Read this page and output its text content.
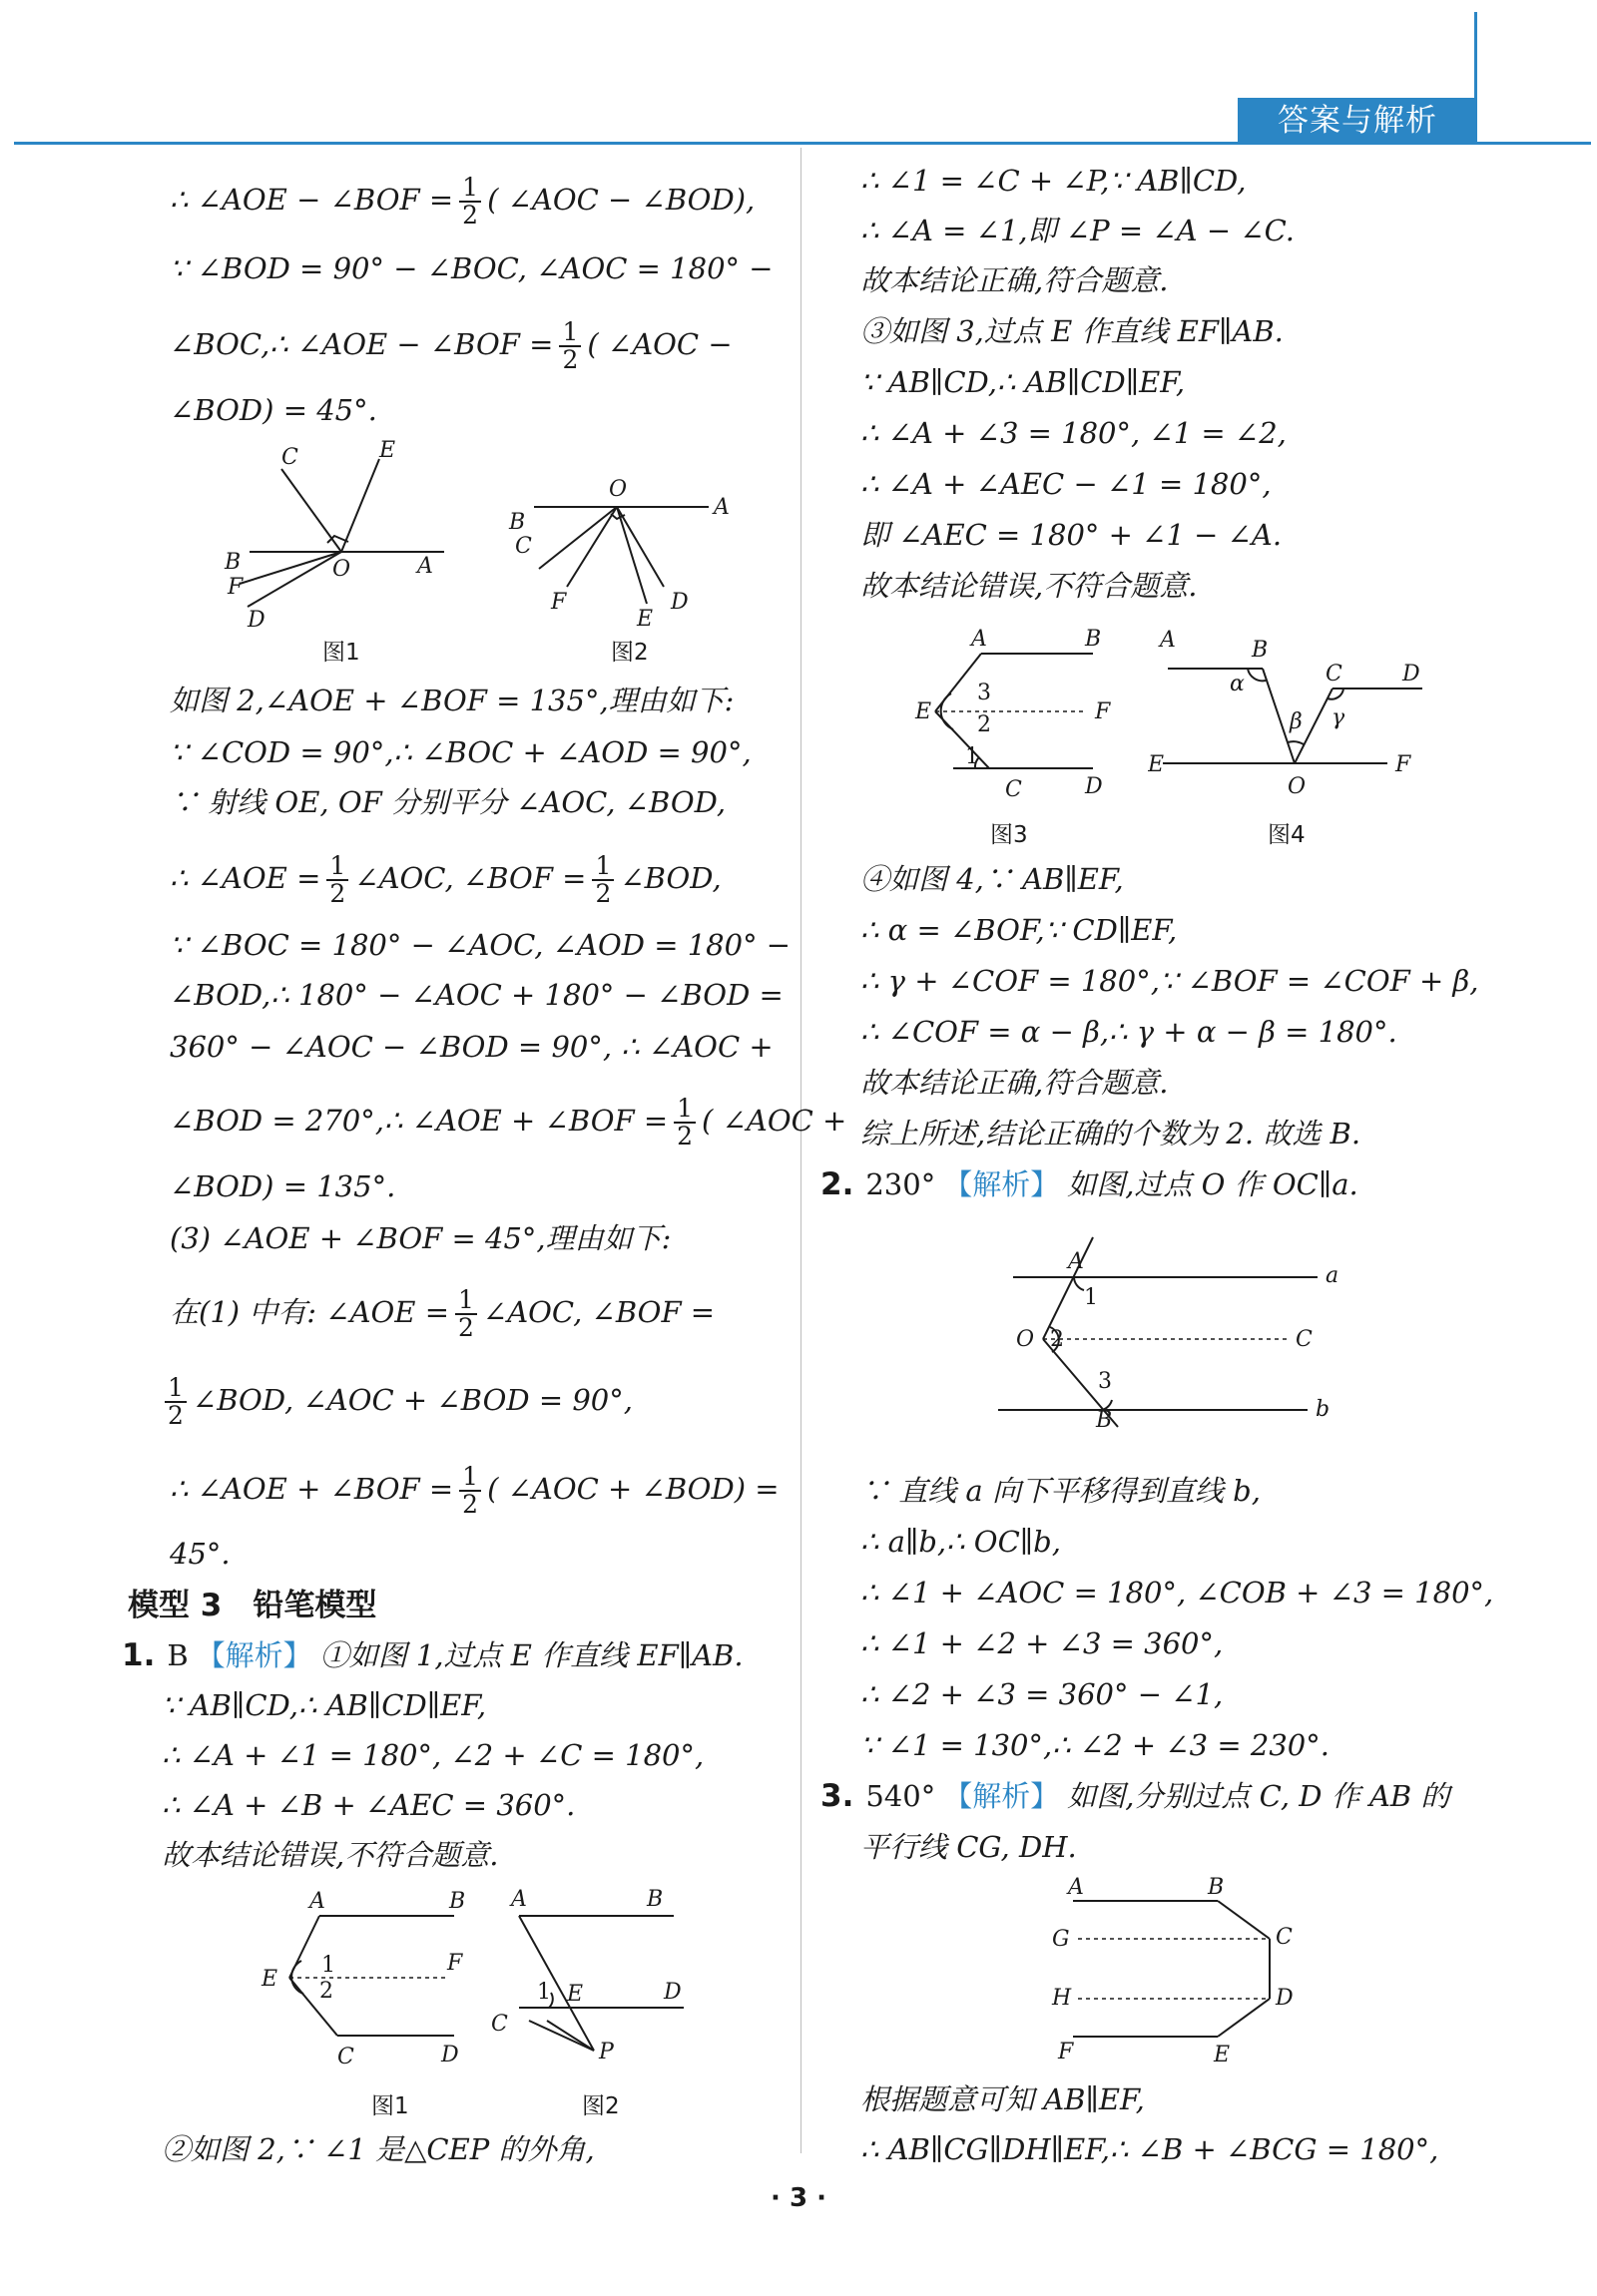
答案与解析
∴ ∠AOE − ∠BOF = $\frac{1}{2}$ ( ∠AOC − ∠BOD),
∵ ∠BOD = 90° − ∠BOC, ∠AOC = 180° −
∠BOC,∴ ∠AOE − ∠BOF = $\frac{1}{2}$ ( ∠AOC −
∠BOD) = 45°.
C	E
B
F
D
O	A
图1
O
A
B
C
F
E
D
图2
如图 2,∠AOE + ∠BOF = 135°,理由如下:
∵ ∠COD = 90°,∴ ∠BOC + ∠AOD = 90°,
∵ 射线 OE, OF 分别平分 ∠AOC, ∠BOD,
∴ ∠AOE = $\frac{1}{2}$ ∠AOC, ∠BOF = $\frac{1}{2}$ ∠BOD,
∵ ∠BOC = 180° − ∠AOC, ∠AOD = 180° −
∠BOD,∴ 180° − ∠AOC + 180° − ∠BOD =
360° − ∠AOC − ∠BOD = 90°, ∴ ∠AOC +
∠BOD = 270°,∴ ∠AOE + ∠BOF = $\frac{1}{2}$ ( ∠AOC +
∠BOD) = 135°.
(3) ∠AOE + ∠BOF = 45°,理由如下:
在(1) 中有: ∠AOE = $\frac{1}{2}$ ∠AOC, ∠BOF =
$\frac{1}{2}$ ∠BOD, ∠AOC + ∠BOD = 90°,
∴ ∠AOE + ∠BOF = $\frac{1}{2}$ ( ∠AOC + ∠BOD) =
45°.
模型 3　铅笔模型
1. B 【解析】 ①如图 1,过点 E 作直线 EF∥AB.
∵ AB∥CD,∴ AB∥CD∥EF,
∴ ∠A + ∠1 = 180°, ∠2 + ∠C = 180°,
∴ ∠A + ∠B + ∠AEC = 360°.
故本结论错误,不符合题意.
A	B
F
E
1
2
C	D
图1
A	B
C
1 E	D
P
图2
②如图 2,∵ ∠1 是△CEP 的外角,
∴ ∠1 = ∠C + ∠P,∵ AB∥CD,
∴ ∠A = ∠1,即 ∠P = ∠A − ∠C.
故本结论正确,符合题意.
③如图 3,过点 E 作直线 EF∥AB.
∵ AB∥CD,∴ AB∥CD∥EF,
∴ ∠A + ∠3 = 180°, ∠1 = ∠2,
∴ ∠A + ∠AEC − ∠1 = 180°,
即 ∠AEC = 180° + ∠1 − ∠A.
故本结论错误,不符合题意.
A	B
E
3
2
F
1
C	D
图3
A	B
α	C	D
β γ
E	F
O
图4
④如图 4,∵ AB∥EF,
∴ α = ∠BOF,∵ CD∥EF,
∴ γ + ∠COF = 180°,∵ ∠BOF = ∠COF + β,
∴ ∠COF = α − β,∴ γ + α − β = 180°.
故本结论正确,符合题意.
综上所述,结论正确的个数为 2. 故选 B.
2. 230° 【解析】 如图,过点 O 作 OC∥a.
A
1
a
O 2	C
3
B	b
∵ 直线 a 向下平移得到直线 b,
∴ a∥b,∴ OC∥b,
∴ ∠1 + ∠AOC = 180°, ∠COB + ∠3 = 180°,
∴ ∠1 + ∠2 + ∠3 = 360°,
∴ ∠2 + ∠3 = 360° − ∠1,
∵ ∠1 = 130°,∴ ∠2 + ∠3 = 230°.
3. 540° 【解析】 如图,分别过点 C, D 作 AB 的
平行线 CG, DH.
A	B
G	C
H	D
F	E
根据题意可知 AB∥EF,
∴ AB∥CG∥DH∥EF,∴ ∠B + ∠BCG = 180°,
· 3 ·
